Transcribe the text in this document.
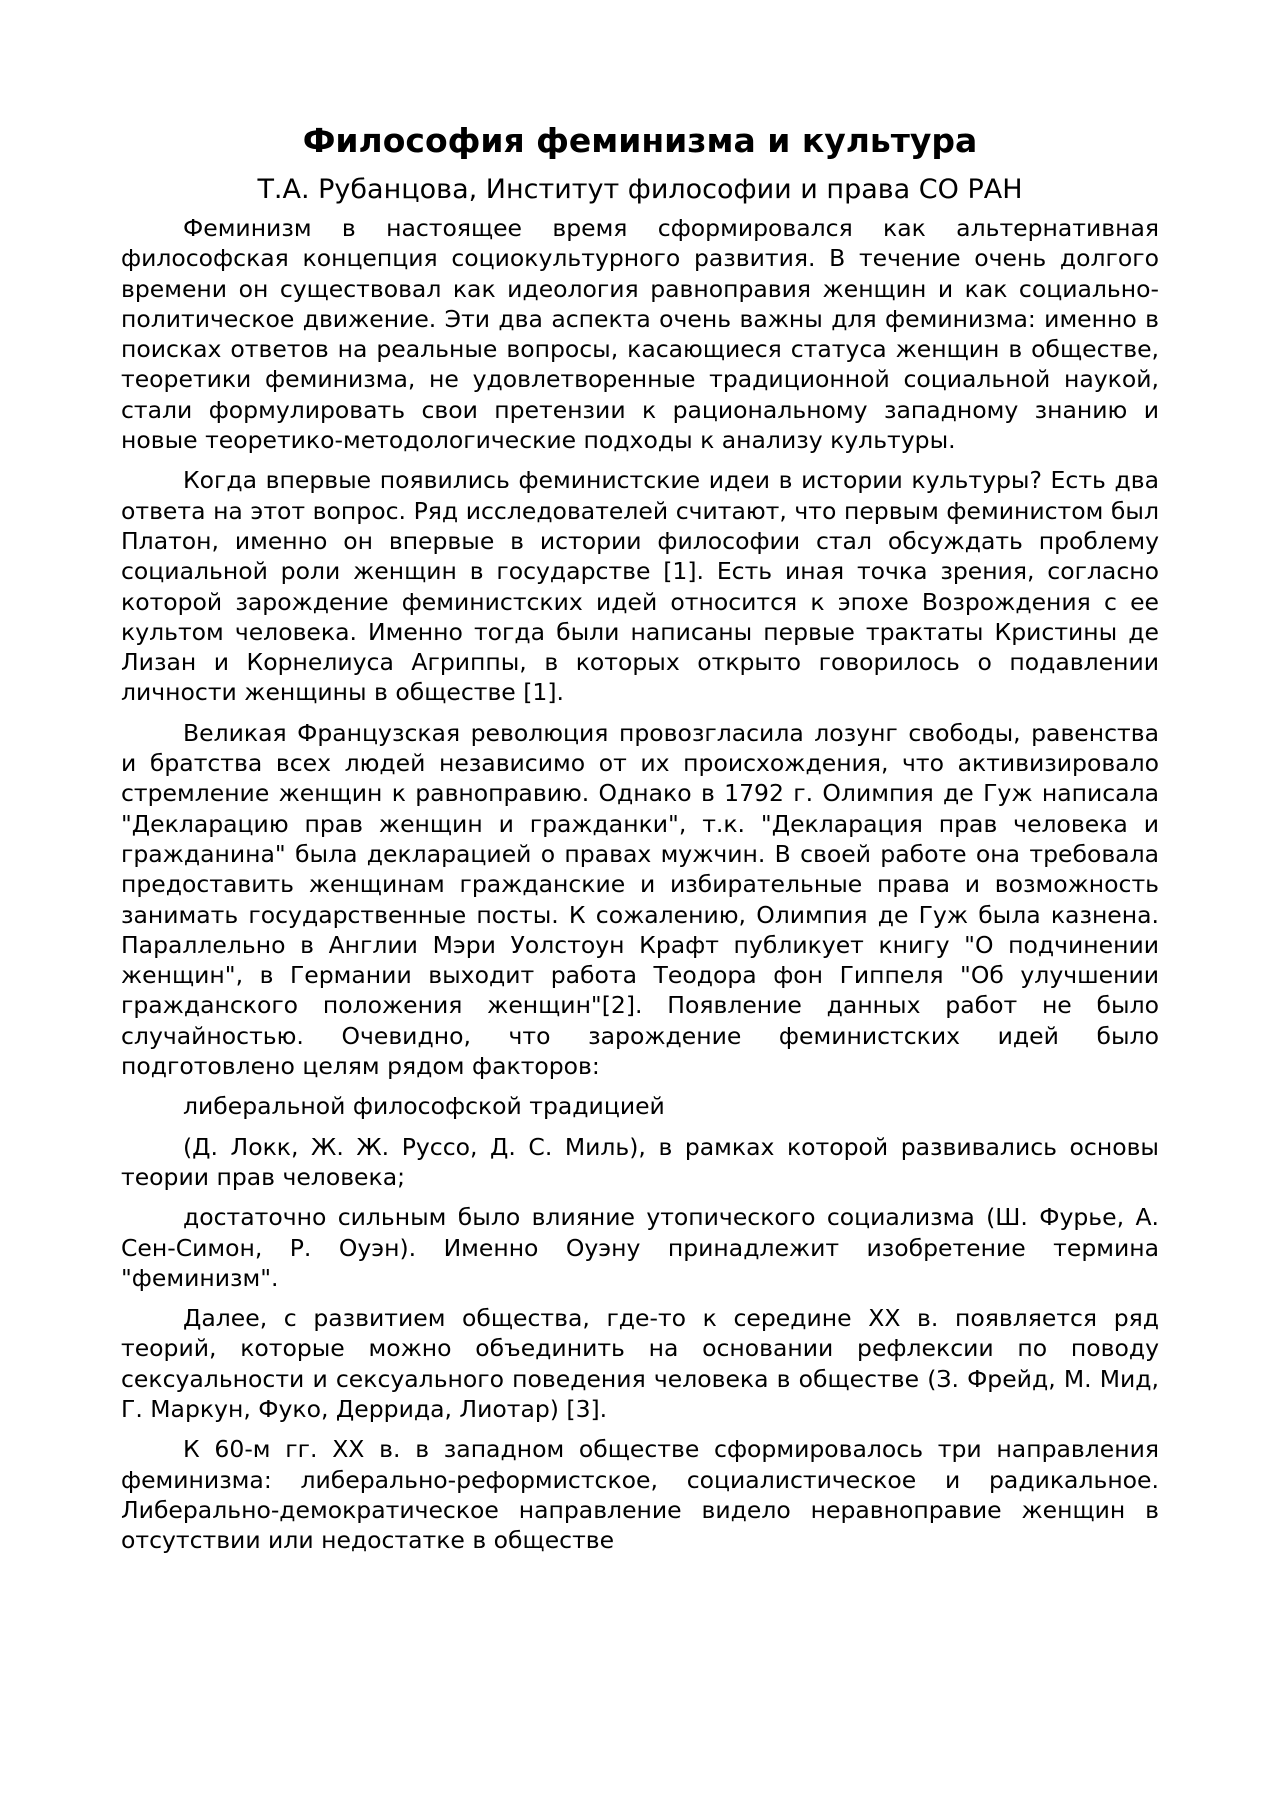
Философия феминизма и культура
Т.А. Рубанцова, Институт философии и права СО РАН

Феминизм в настоящее время сформировался как альтернативная философская концепция социокультурного развития. В течение очень долгого времени он существовал как идеология равноправия женщин и как социально-политическое движение. Эти два аспекта очень важны для феминизма: именно в поисках ответов на реальные вопросы, касающиеся статуса женщин в обществе, теоретики феминизма, не удовлетворенные традиционной социальной наукой, стали формулировать свои претензии к рациональному западному знанию и новые теоретико-методологические подходы к анализу культуры.

Когда впервые появились феминистские идеи в истории культуры? Есть два ответа на этот вопрос. Ряд исследователей считают, что первым феминистом был Платон, именно он впервые в истории философии стал обсуждать проблему социальной роли женщин в государстве [1]. Есть иная точка зрения, согласно которой зарождение феминистских идей относится к эпохе Возрождения с ее культом человека. Именно тогда были написаны первые трактаты Кристины де Лизан и Корнелиуса Агриппы, в которых открыто говорилось о подавлении личности женщины в обществе [1].

Великая Французская революция провозгласила лозунг свободы, равенства и братства всех людей независимо от их происхождения, что активизировало стремление женщин к равноправию. Однако в 1792 г. Олимпия де Гуж написала "Декларацию прав женщин и гражданки", т.к. "Декларация прав человека и гражданина" была декларацией о правах мужчин. В своей работе она требовала предоставить женщинам гражданские и избирательные права и возможность занимать государственные посты. К сожалению, Олимпия де Гуж была казнена. Параллельно в Англии Мэри Уолстоун Крафт публикует книгу "О подчинении женщин", в Германии выходит работа Теодора фон Гиппеля "Об улучшении гражданского положения женщин"[2]. Появление данных работ не было случайностью. Очевидно, что зарождение феминистских идей было подготовлено целям рядом факторов:

либеральной философской традицией

(Д. Локк, Ж. Ж. Руссо, Д. С. Миль), в рамках которой развивались основы теории прав человека;

достаточно сильным было влияние утопического социализма (Ш. Фурье, А. Сен-Симон, Р. Оуэн). Именно Оуэну принадлежит изобретение термина "феминизм".

Далее, с развитием общества, где-то к середине ХХ в. появляется ряд теорий, которые можно объединить на основании рефлексии по поводу сексуальности и сексуального поведения человека в обществе (З. Фрейд, М. Мид, Г. Маркун, Фуко, Деррида, Лиотар) [3].

К 60-м гг. ХХ в. в западном обществе сформировалось три направления феминизма: либерально-реформистское, социалистическое и радикальное. Либерально-демократическое направление видело неравноправие женщин в отсутствии или недостатке в обществе
